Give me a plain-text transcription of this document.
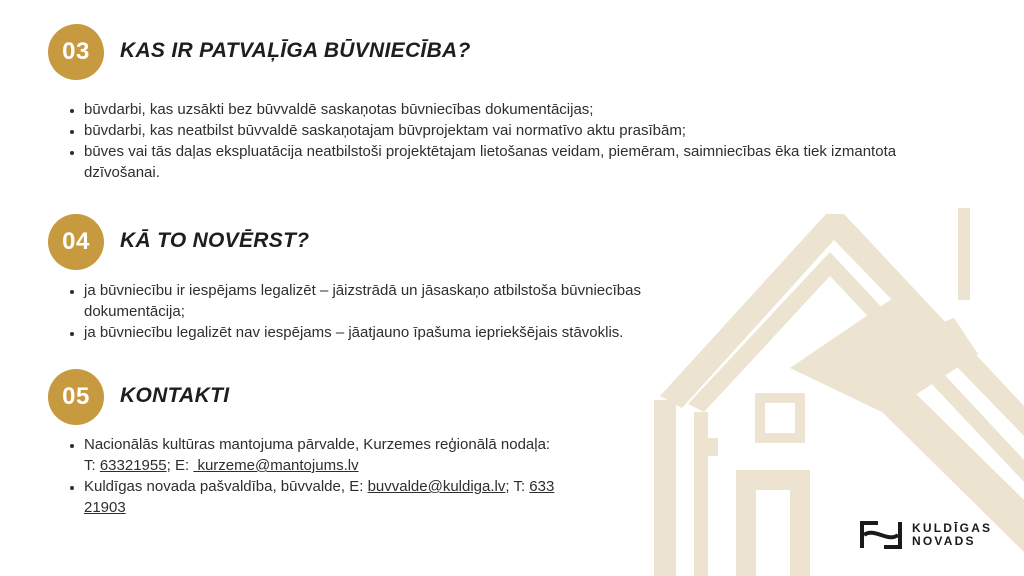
03	KAS IR PATVAĻĪGA BŪVNIECĪBA?
• būvdarbi, kas uzsākti bez būvvaldē saskaņotas būvniecības dokumentācijas;
• būvdarbi, kas neatbilst būvvaldē saskaņotajam būvprojektam vai normatīvo aktu prasībām;
• būves vai tās daļas ekspluatācija neatbilstoši projektētajam lietošanas veidam, piemēram, saimniecības ēka tiek izmantota dzīvošanai.
04	KĀ TO NOVĒRST?
• ja būvniecību ir iespējams legalizēt – jāizstrādā un jāsaskaņo atbilstoša būvniecības dokumentācija;
• ja būvniecību legalizēt nav iespējams – jāatjauno īpašuma iepriekšējais stāvoklis.
05	KONTAKTI
• Nacionālās kultūras mantojuma pārvalde, Kurzemes reģionālā nodaļa:
T: 63321955; E:  kurzeme@mantojums.lv
• Kuldīgas novada pašvaldība, būvvalde, E: buvvalde@kuldiga.lv; T: 633
21903
KULDĪGAS
NOVADS
